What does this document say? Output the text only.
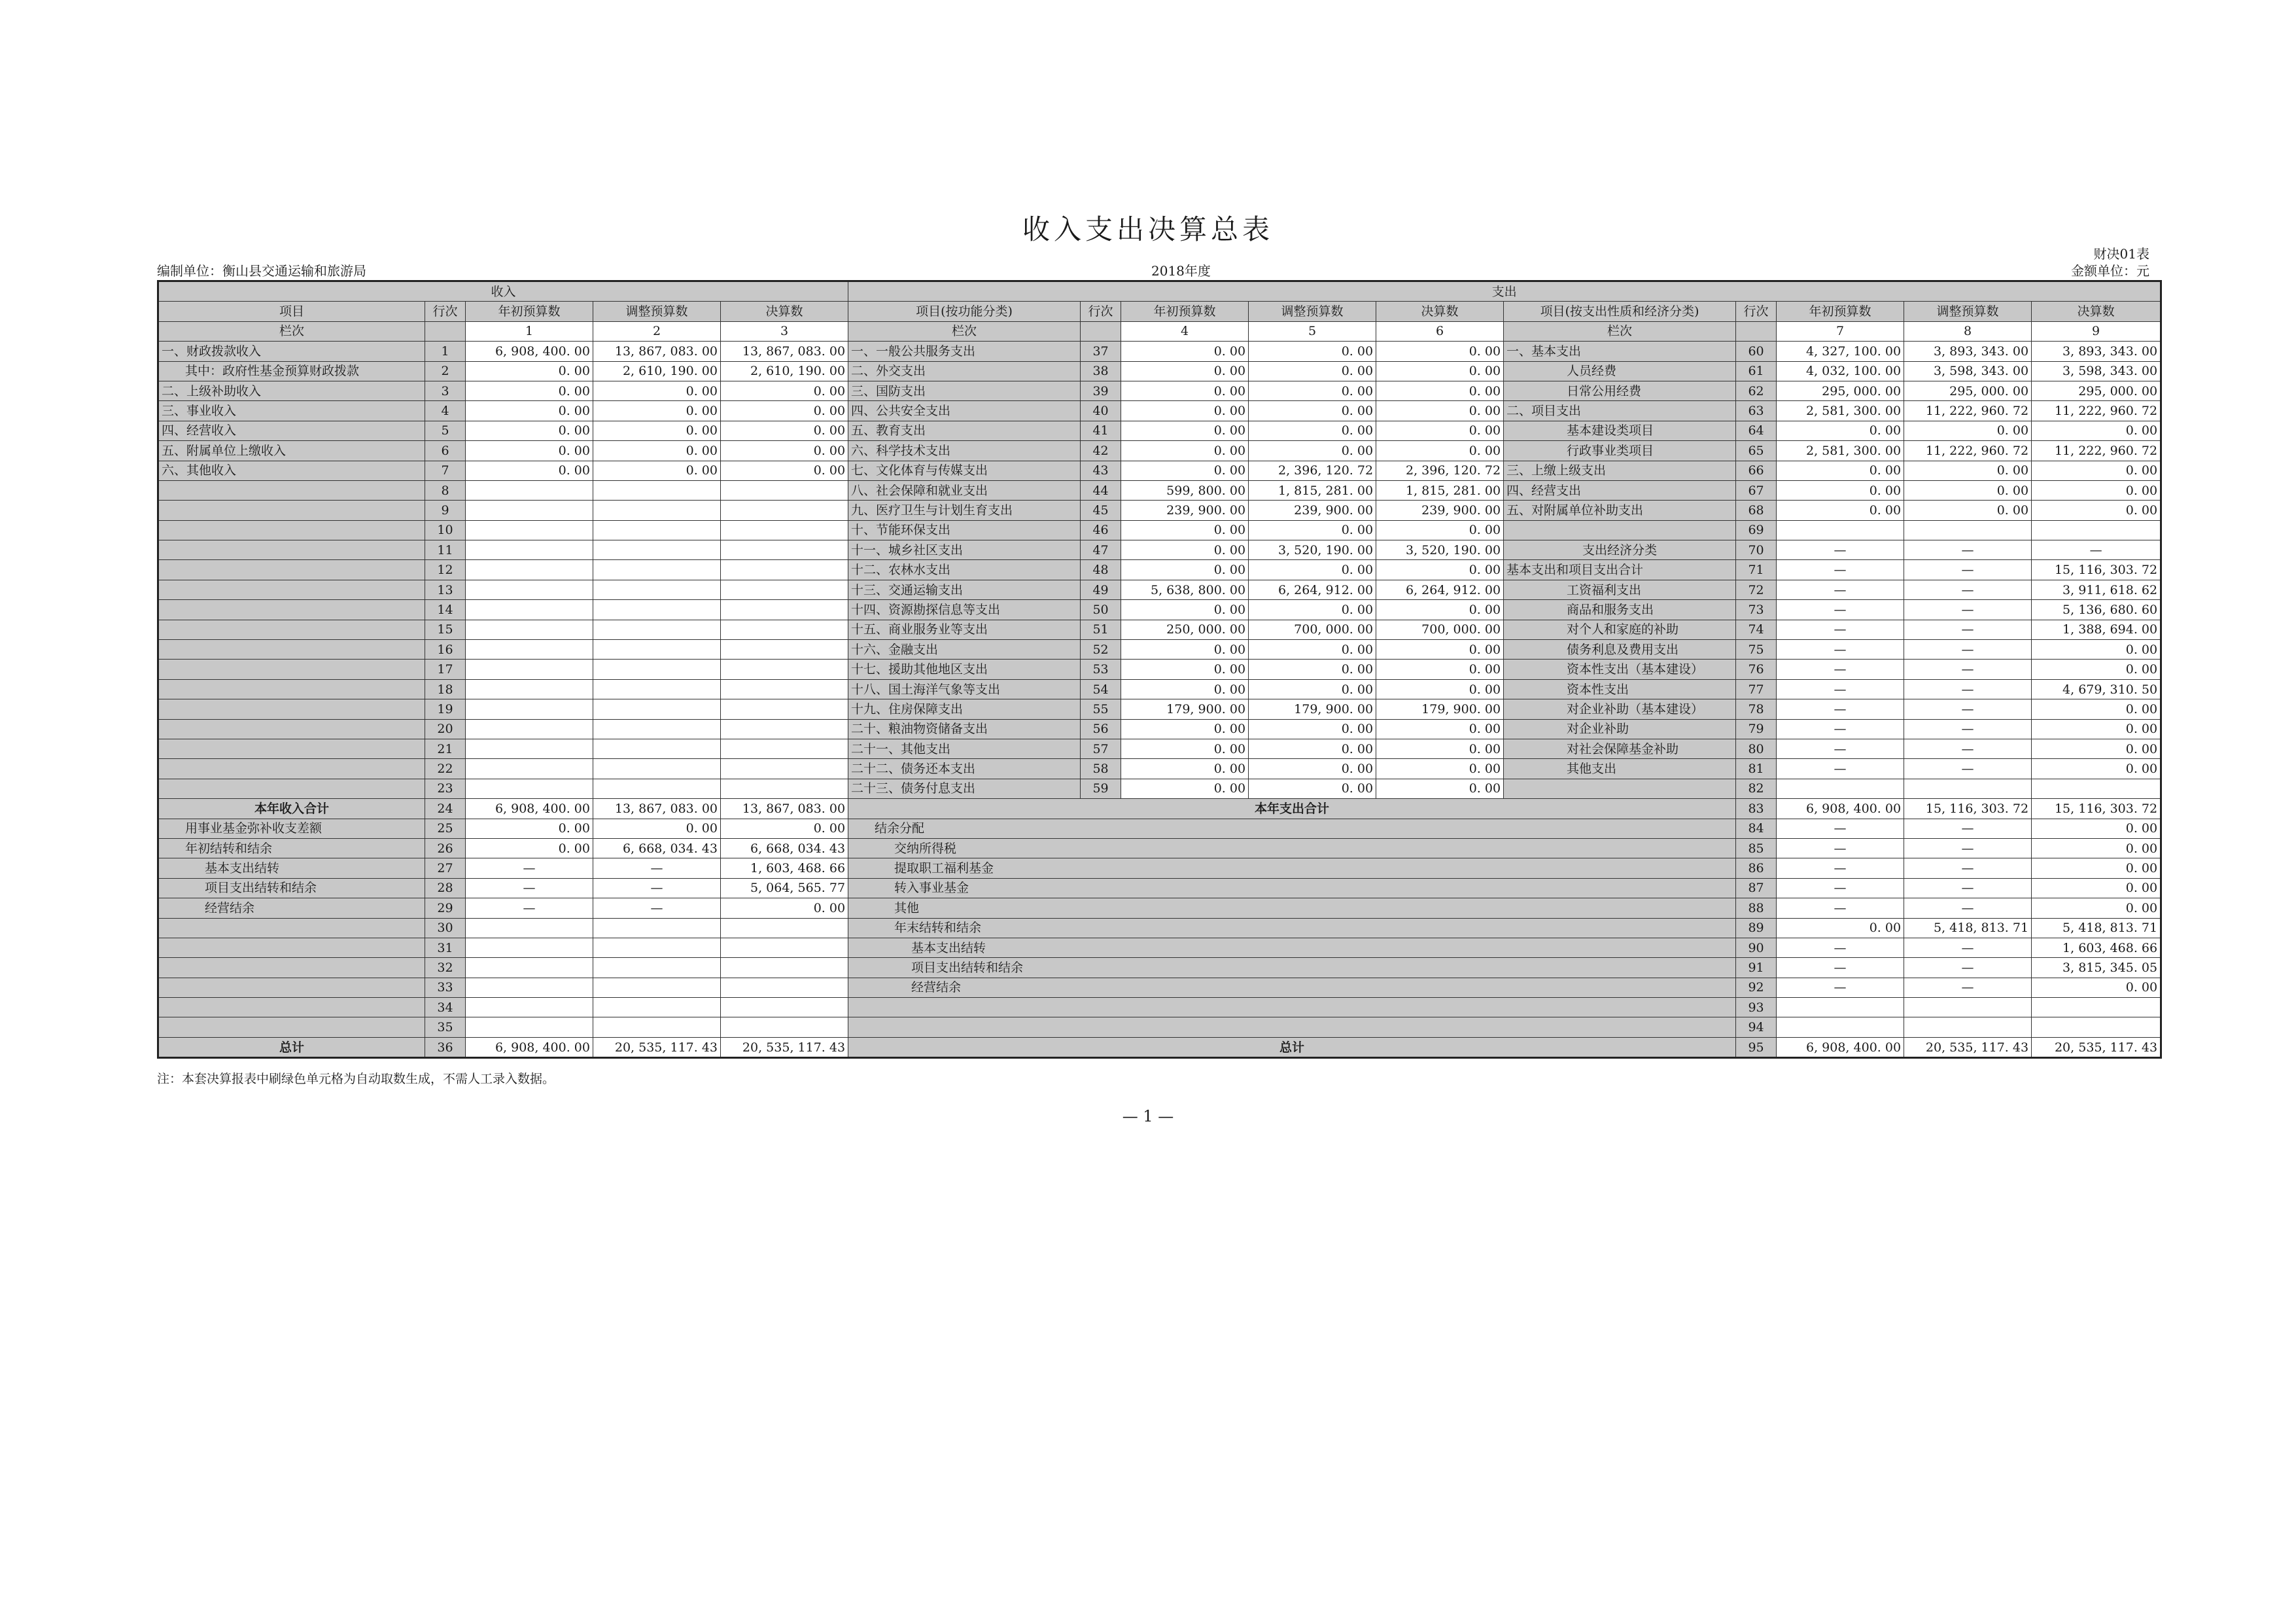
收入支出决算总表
财决01表
编制单位：衡山县交通运输和旅游局	2018年度	金额单位：元
收入					支出									
项目	行次	年初预算数	调整预算数	决算数	项目(按功能分类)	行次	年初预算数	调整预算数	决算数	项目(按支出性质和经济分类)	行次	年初预算数	调整预算数	决算数
栏次		1	2	3	栏次		4	5	6	栏次		7	8	9
一、财政拨款收入	1	6, 908, 400. 00	13, 867, 083. 00	13, 867, 083. 00	一、一般公共服务支出	37	0. 00	0. 00	0. 00	一、基本支出	60	4, 327, 100. 00	3, 893, 343. 00	3, 893, 343. 00
其中：政府性基金预算财政拨款	2	0. 00	2, 610, 190. 00	2, 610, 190. 00	二、外交支出	38	0. 00	0. 00	0. 00	人员经费	61	4, 032, 100. 00	3, 598, 343. 00	3, 598, 343. 00
二、上级补助收入	3	0. 00	0. 00	0. 00	三、国防支出	39	0. 00	0. 00	0. 00	日常公用经费	62	295, 000. 00	295, 000. 00	295, 000. 00
三、事业收入	4	0. 00	0. 00	0. 00	四、公共安全支出	40	0. 00	0. 00	0. 00	二、项目支出	63	2, 581, 300. 00	11, 222, 960. 72	11, 222, 960. 72
四、经营收入	5	0. 00	0. 00	0. 00	五、教育支出	41	0. 00	0. 00	0. 00	基本建设类项目	64	0. 00	0. 00	0. 00
五、附属单位上缴收入	6	0. 00	0. 00	0. 00	六、科学技术支出	42	0. 00	0. 00	0. 00	行政事业类项目	65	2, 581, 300. 00	11, 222, 960. 72	11, 222, 960. 72
六、其他收入	7	0. 00	0. 00	0. 00	七、文化体育与传媒支出	43	0. 00	2, 396, 120. 72	2, 396, 120. 72	三、上缴上级支出	66	0. 00	0. 00	0. 00
	8				八、社会保障和就业支出	44	599, 800. 00	1, 815, 281. 00	1, 815, 281. 00	四、经营支出	67	0. 00	0. 00	0. 00
	9				九、医疗卫生与计划生育支出	45	239, 900. 00	239, 900. 00	239, 900. 00	五、对附属单位补助支出	68	0. 00	0. 00	0. 00
	10				十、节能环保支出	46	0. 00	0. 00	0. 00		69			
	11				十一、城乡社区支出	47	0. 00	3, 520, 190. 00	3, 520, 190. 00	支出经济分类	70	—	—	—
	12				十二、农林水支出	48	0. 00	0. 00	0. 00	基本支出和项目支出合计	71	—	—	15, 116, 303. 72
	13				十三、交通运输支出	49	5, 638, 800. 00	6, 264, 912. 00	6, 264, 912. 00	工资福利支出	72	—	—	3, 911, 618. 62
	14				十四、资源勘探信息等支出	50	0. 00	0. 00	0. 00	商品和服务支出	73	—	—	5, 136, 680. 60
	15				十五、商业服务业等支出	51	250, 000. 00	700, 000. 00	700, 000. 00	对个人和家庭的补助	74	—	—	1, 388, 694. 00
	16				十六、金融支出	52	0. 00	0. 00	0. 00	债务利息及费用支出	75	—	—	0. 00
	17				十七、援助其他地区支出	53	0. 00	0. 00	0. 00	资本性支出（基本建设）	76	—	—	0. 00
	18				十八、国土海洋气象等支出	54	0. 00	0. 00	0. 00	资本性支出	77	—	—	4, 679, 310. 50
	19				十九、住房保障支出	55	179, 900. 00	179, 900. 00	179, 900. 00	对企业补助（基本建设）	78	—	—	0. 00
	20				二十、粮油物资储备支出	56	0. 00	0. 00	0. 00	对企业补助	79	—	—	0. 00
	21				二十一、其他支出	57	0. 00	0. 00	0. 00	对社会保障基金补助	80	—	—	0. 00
	22				二十二、债务还本支出	58	0. 00	0. 00	0. 00	其他支出	81	—	—	0. 00
	23				二十三、债务付息支出	59	0. 00	0. 00	0. 00		82			
本年收入合计	24	6, 908, 400. 00	13, 867, 083. 00	13, 867, 083. 00	本年支出合计						83	6, 908, 400. 00	15, 116, 303. 72	15, 116, 303. 72
用事业基金弥补收支差额	25	0. 00	0. 00	0. 00	结余分配						84	—	—	0. 00
年初结转和结余	26	0. 00	6, 668, 034. 43	6, 668, 034. 43	交纳所得税						85	—	—	0. 00
基本支出结转	27	—	—	1, 603, 468. 66	提取职工福利基金						86	—	—	0. 00
项目支出结转和结余	28	—	—	5, 064, 565. 77	转入事业基金						87	—	—	0. 00
经营结余	29	—	—	0. 00	其他						88	—	—	0. 00
	30				年末结转和结余						89	0. 00	5, 418, 813. 71	5, 418, 813. 71
	31				基本支出结转						90	—	—	1, 603, 468. 66
	32				项目支出结转和结余						91	—	—	3, 815, 345. 05
	33				经营结余						92	—	—	0. 00
	34										93			
	35										94			
总计	36	6, 908, 400. 00	20, 535, 117. 43	20, 535, 117. 43	总计						95	6, 908, 400. 00	20, 535, 117. 43	20, 535, 117. 43
注：本套决算报表中刷绿色单元格为自动取数生成，不需人工录入数据。
— 1 —
